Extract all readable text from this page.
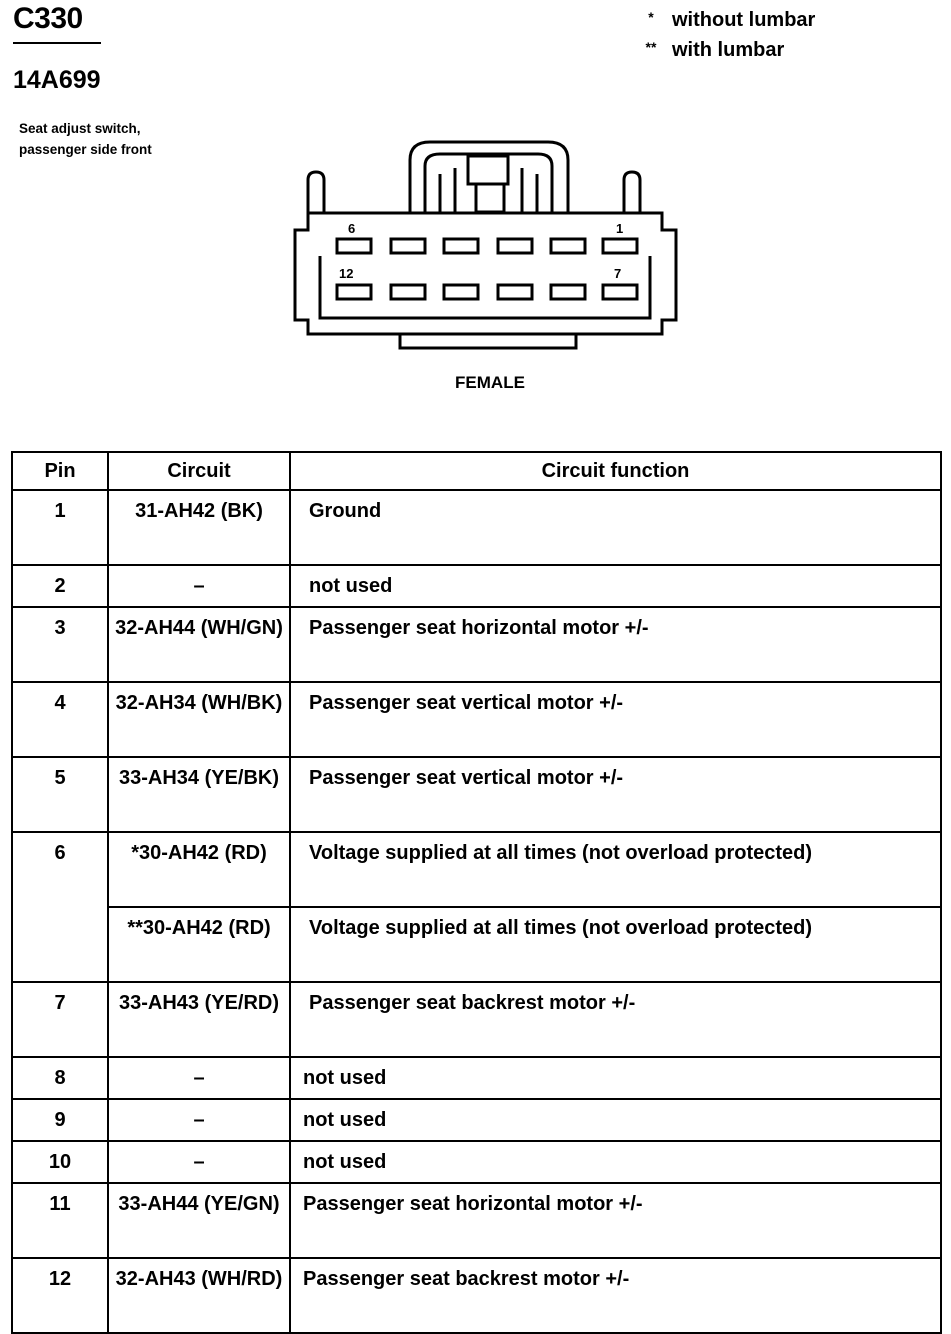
C330
14A699
Seat adjust switch,
passenger side front
* without lumbar
** with lumbar
6	1
12	7
FEMALE
Pin	Circuit	Circuit function
1	31-AH42 (BK)	Ground
2	–	not used
3	32-AH44 (WH/GN)	Passenger seat horizontal motor +/-
4	32-AH34 (WH/BK)	Passenger seat vertical motor +/-
5	33-AH34 (YE/BK)	Passenger seat vertical motor +/-
6	*30-AH42 (RD)	Voltage supplied at all times (not overload protected)
	**30-AH42 (RD)	Voltage supplied at all times (not overload protected)
7	33-AH43 (YE/RD)	Passenger seat backrest motor +/-
8	–	not used
9	–	not used
10	–	not used
11	33-AH44 (YE/GN)	Passenger seat horizontal motor +/-
12	32-AH43 (WH/RD)	Passenger seat backrest motor +/-
